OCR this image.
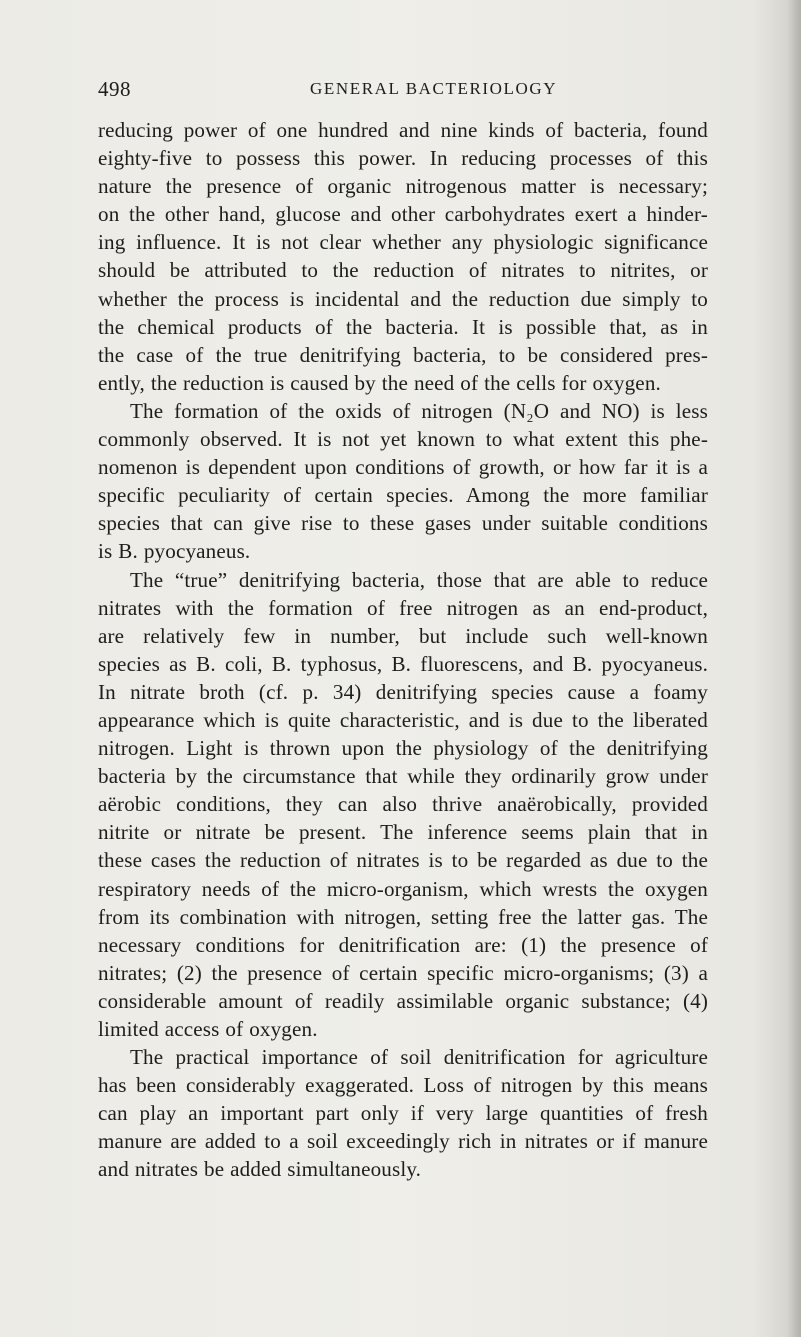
498	GENERAL BACTERIOLOGY
reducing power of one hundred and nine kinds of bacteria, found
eighty-five to possess this power. In reducing processes of this
nature the presence of organic nitrogenous matter is necessary;
on the other hand, glucose and other carbohydrates exert a hinder-
ing influence. It is not clear whether any physiologic significance
should be attributed to the reduction of nitrates to nitrites, or
whether the process is incidental and the reduction due simply to
the chemical products of the bacteria. It is possible that, as in
the case of the true denitrifying bacteria, to be considered pres-
ently, the reduction is caused by the need of the cells for oxygen.
The formation of the oxids of nitrogen (N₂O and NO) is less
commonly observed. It is not yet known to what extent this phe-
nomenon is dependent upon conditions of growth, or how far it is a
specific peculiarity of certain species. Among the more familiar
species that can give rise to these gases under suitable conditions
is B. pyocyaneus.
The “true” denitrifying bacteria, those that are able to reduce
nitrates with the formation of free nitrogen as an end-product,
are relatively few in number, but include such well-known
species as B. coli, B. typhosus, B. fluorescens, and B. pyocyaneus.
In nitrate broth (cf. p. 34) denitrifying species cause a foamy
appearance which is quite characteristic, and is due to the liberated
nitrogen. Light is thrown upon the physiology of the denitrifying
bacteria by the circumstance that while they ordinarily grow under
aërobic conditions, they can also thrive anaërobically, provided
nitrite or nitrate be present. The inference seems plain that in
these cases the reduction of nitrates is to be regarded as due to the
respiratory needs of the micro-organism, which wrests the oxygen
from its combination with nitrogen, setting free the latter gas. The
necessary conditions for denitrification are: (1) the presence of
nitrates; (2) the presence of certain specific micro-organisms; (3) a
considerable amount of readily assimilable organic substance; (4)
limited access of oxygen.
The practical importance of soil denitrification for agriculture
has been considerably exaggerated. Loss of nitrogen by this means
can play an important part only if very large quantities of fresh
manure are added to a soil exceedingly rich in nitrates or if manure
and nitrates be added simultaneously.
